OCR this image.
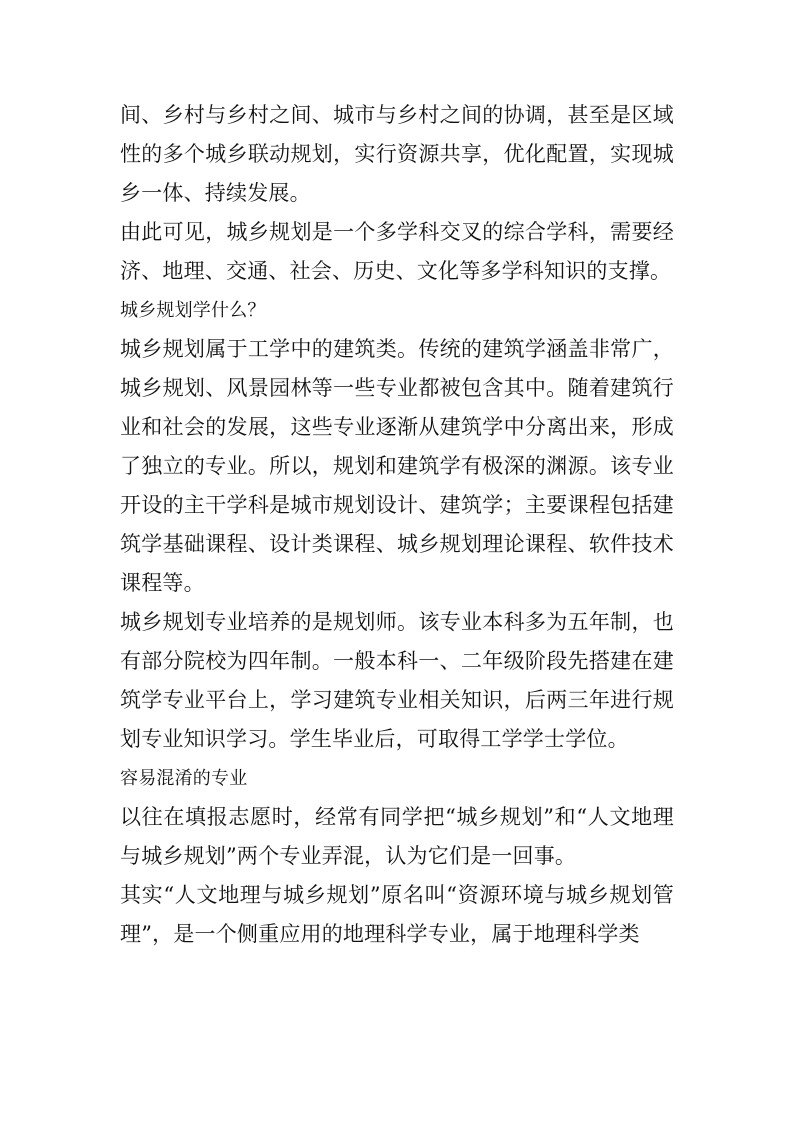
间、乡村与乡村之间、城市与乡村之间的协调，甚至是区域性的多个城乡联动规划，实行资源共享，优化配置，实现城乡一体、持续发展。

由此可见，城乡规划是一个多学科交叉的综合学科，需要经济、地理、交通、社会、历史、文化等多学科知识的支撑。

城乡规划学什么？

城乡规划属于工学中的建筑类。传统的建筑学涵盖非常广，城乡规划、风景园林等一些专业都被包含其中。随着建筑行业和社会的发展，这些专业逐渐从建筑学中分离出来，形成了独立的专业。所以，规划和建筑学有极深的渊源。该专业开设的主干学科是城市规划设计、建筑学；主要课程包括建筑学基础课程、设计类课程、城乡规划理论课程、软件技术课程等。

城乡规划专业培养的是规划师。该专业本科多为五年制，也有部分院校为四年制。一般本科一、二年级阶段先搭建在建筑学专业平台上，学习建筑专业相关知识，后两三年进行规划专业知识学习。学生毕业后，可取得工学学士学位。

容易混淆的专业

以往在填报志愿时，经常有同学把“城乡规划”和“人文地理与城乡规划”两个专业弄混，认为它们是一回事。

其实“人文地理与城乡规划”原名叫“资源环境与城乡规划管理”，是一个侧重应用的地理科学专业，属于地理科学类
